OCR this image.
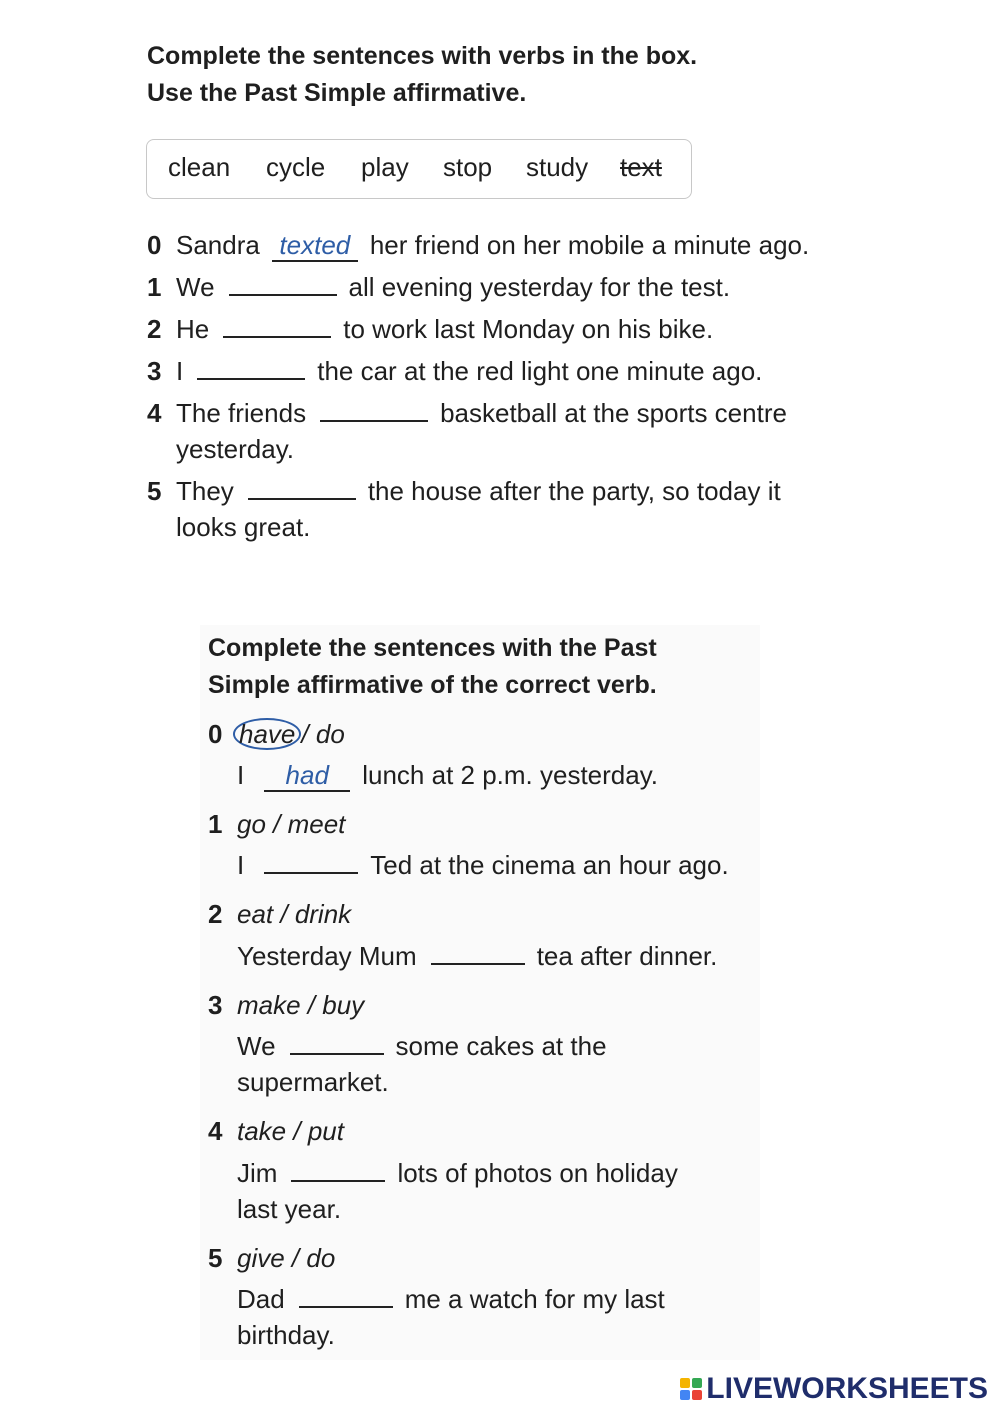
Complete the sentences with verbs in the box.
Use the Past Simple affirmative.
clean cycle play stop study text
0 Sandra texted her friend on her mobile a minute ago.
1 We	all evening yesterday for the test.
2 He	to work last Monday on his bike.
3 I	the car at the red light one minute ago.
4 The friends	basketball at the sports centre
yesterday.
5 They	the house after the party, so today it
looks great.
Complete the sentences with the Past
Simple affirmative of the correct verb.
0 have / do
I had lunch at 2 p.m. yesterday.
1 go / meet
I	Ted at the cinema an hour ago.
2 eat / drink
Yesterday Mum	tea after dinner.
3 make / buy
We	some cakes at the
supermarket.
4 take / put
Jim	lots of photos on holiday
last year.
5 give / do
Dad	me a watch for my last
birthday.
LIVEWORKSHEETS
